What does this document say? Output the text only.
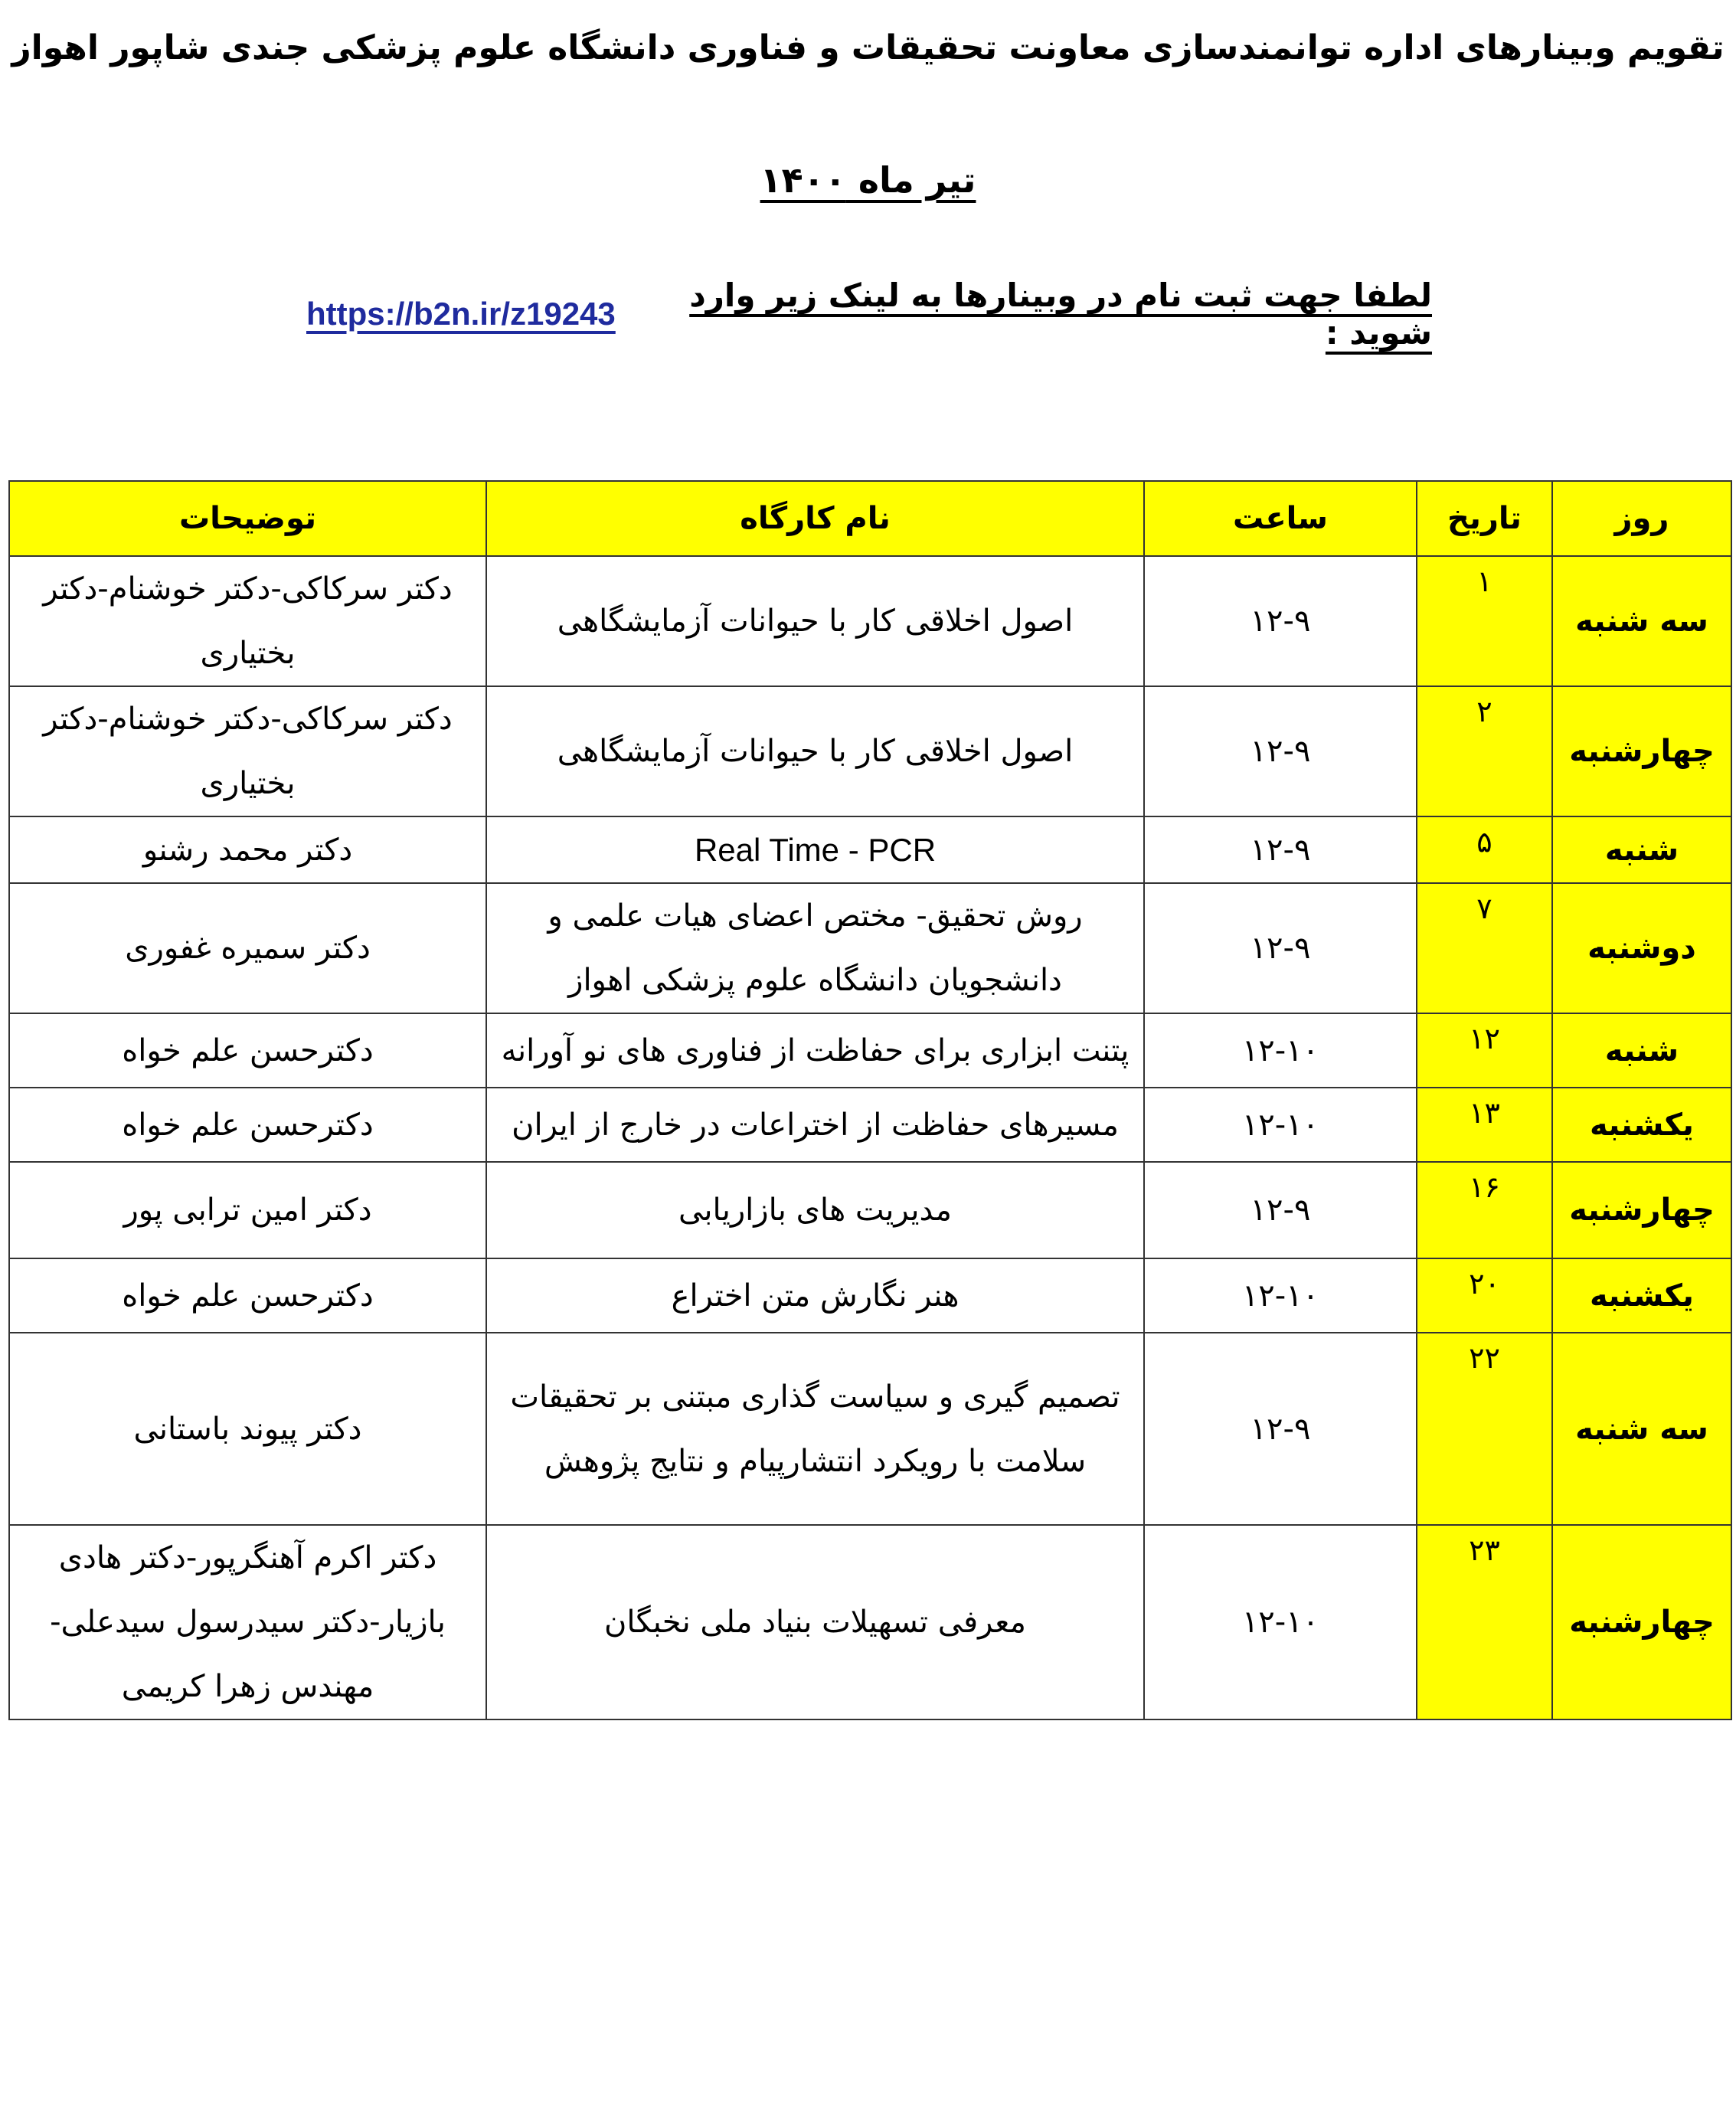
تقویم وبینارهای اداره توانمندسازی معاونت تحقیقات و فناوری دانشگاه علوم پزشکی جندی شاپور اهواز
تیر ماه ۱۴۰۰
https://b2n.ir/z19243	لطفا جهت ثبت نام در وبینارها به لینک زیر وارد شوید :
روز	تاریخ	ساعت	نام کارگاه	توضیحات
سه شنبه	۱	۱۲-۹	اصول اخلاقی کار با حیوانات آزمایشگاهی	دکتر سرکاکی-دکتر خوشنام-دکتر بختیاری
چهارشنبه	۲	۱۲-۹	اصول اخلاقی کار با حیوانات آزمایشگاهی	دکتر سرکاکی-دکتر خوشنام-دکتر بختیاری
شنبه	۵	۱۲-۹	Real Time - PCR	دکتر محمد رشنو
دوشنبه	۷	۱۲-۹	روش تحقیق- مختص اعضای هیات علمی و دانشجویان دانشگاه علوم پزشکی اهواز	دکتر سمیره غفوری
شنبه	۱۲	۱۲-۱۰	پتنت ابزاری برای حفاظت از فناوری های نو آورانه	دکترحسن علم خواه
یکشنبه	۱۳	۱۲-۱۰	مسیرهای حفاظت از اختراعات در خارج از ایران	دکترحسن علم خواه
چهارشنبه	۱۶	۱۲-۹	مدیریت های بازاریابی	دکتر امین ترابی پور
یکشنبه	۲۰	۱۲-۱۰	هنر نگارش متن اختراع	دکترحسن علم خواه
سه شنبه	۲۲	۱۲-۹	تصمیم گیری و سیاست گذاری مبتنی بر تحقیقات سلامت با رویکرد انتشارپیام و نتایج پژوهش	دکتر پیوند باستانی
چهارشنبه	۲۳	۱۲-۱۰	معرفی تسهیلات بنیاد ملی نخبگان	دکتر اکرم آهنگرپور-دکتر هادی بازیار-دکتر سیدرسول سیدعلی-مهندس زهرا کریمی
